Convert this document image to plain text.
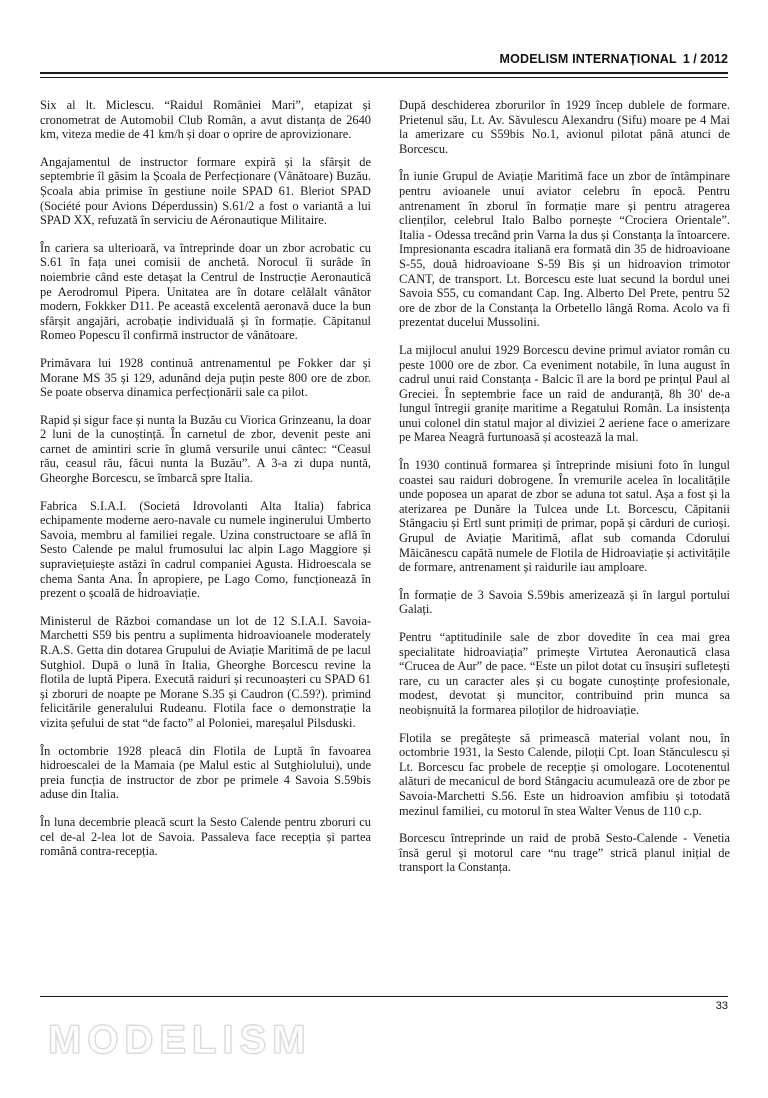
MODELISM INTERNAȚIONAL 1 / 2012

Six al lt. Miclescu. “Raidul României Mari”, etapizat și cronometrat de Automobil Club Român, a avut distanța de 2640 km, viteza medie de 41 km/h și doar o oprire de aprovizionare.

Angajamentul de instructor formare expiră și la sfârșit de septembrie îl găsim la Școala de Perfecționare (Vânătoare) Buzău. Școala abia primise în gestiune noile SPAD 61. Bleriot SPAD (Société pour Avions Déperdussin) S.61/2 a fost o variantă a lui SPAD XX, refuzată în serviciu de Aéronautique Militaire.

În cariera sa ulterioară, va întreprinde doar un zbor acrobatic cu S.61 în fața unei comisii de anchetă. Norocul îi surâde în noiembrie când este detașat la Centrul de Instrucție Aeronautică pe Aerodromul Pipera. Unitatea are în dotare celălalt vânător modern, Fokkker D11. Pe această excelentă aeronavă duce la bun sfârșit angajări, acrobație individuală și în formație. Căpitanul Romeo Popescu îl confirmă instructor de vânătoare.

Primăvara lui 1928 continuă antrenamentul pe Fokker dar și Morane MS 35 și 129, adunând deja puțin peste 800 ore de zbor. Se poate observa dinamica perfecționării sale ca pilot.

Rapid și sigur face și nunta la Buzău cu Viorica Grinzeanu, la doar 2 luni de la cunoștință. În carnetul de zbor, devenit peste ani carnet de amintiri scrie în glumă versurile unui cântec: “Ceasul rău, ceasul rău, făcui nunta la Buzău”. A 3-a zi dupa nuntă, Gheorghe Borcescu, se îmbarcă spre Italia.

Fabrica S.I.A.I. (Societá Idrovolanti Alta Italia) fabrica echipamente moderne aero-navale cu numele inginerului Umberto Savoia, membru al familiei regale. Uzina constructoare se află în Sesto Calende pe malul frumosului lac alpin Lago Maggiore și supraviețuiește astăzi în cadrul companiei Agusta. Hidroescala se chema Santa Ana. În apropiere, pe Lago Como, funcționează în prezent o școală de hidroaviație.

Ministerul de Război comandase un lot de 12 S.I.A.I. Savoia-Marchetti S59 bis pentru a suplimenta hidroavioanele moderately R.A.S. Getta din dotarea Grupului de Aviație Maritimă de pe lacul Sutghiol. După o lună în Italia, Gheorghe Borcescu revine la flotila de luptă Pipera. Execută raiduri și recunoașteri cu SPAD 61 și zboruri de noapte pe Morane S.35 și Caudron (C.59?). primind felicitările generalului Rudeanu. Flotila face o demonstrație la vizita șefului de stat “de facto” al Poloniei, mareșalul Pilsduski.

În octombrie 1928 pleacă din Flotila de Luptă în favoarea hidroescalei de la Mamaia (pe Malul estic al Sutghiolului), unde preia funcția de instructor de zbor pe primele 4 Savoia S.59bis aduse din Italia.

În luna decembrie pleacă scurt la Sesto Calende pentru zboruri cu cel de-al 2-lea lot de Savoia. Passaleva face recepția și partea română contra-recepția.

După deschiderea zborurilor în 1929 încep dublele de formare. Prietenul său, Lt. Av. Săvulescu Alexandru (Sifu) moare pe 4 Mai la amerizare cu S59bis No.1, avionul pilotat până atunci de Borcescu.

În iunie Grupul de Aviație Maritimă face un zbor de întâmpinare pentru avioanele unui aviator celebru în epocă. Pentru antrenament în zborul în formație mare și pentru atragerea clienților, celebrul Italo Balbo pornește “Crociera Orientale”. Italia - Odessa trecând prin Varna la dus și Constanța la întoarcere. Impresionanta escadra italiană era formată din 35 de hidroavioane S-55, două hidroavioane S-59 Bis și un hidroavion trimotor CANT, de transport. Lt. Borcescu este luat secund la bordul unei Savoia S55, cu comandant Cap. Ing. Alberto Del Prete, pentru 52 ore de zbor de la Constanța la Orbetello lângă Roma. Acolo va fi prezentat ducelui Mussolini.

La mijlocul anului 1929 Borcescu devine primul aviator român cu peste 1000 ore de zbor. Ca eveniment notabile, în luna august în cadrul unui raid Constanța - Balcic îl are la bord pe prințul Paul al Greciei. În septembrie face un raid de anduranță, 8h 30' de-a lungul întregii granițe maritime a Regatului Român. La insistența unui colonel din statul major al diviziei 2 aeriene face o amerizare pe Marea Neagră furtunoasă și acostează la mal.

În 1930 continuă formarea și întreprinde misiuni foto în lungul coastei sau raiduri dobrogene. În vremurile acelea în localitățile unde poposea un aparat de zbor se aduna tot satul. Așa a fost și la aterizarea pe Dunăre la Tulcea unde Lt. Borcescu, Căpitanii Stângaciu și Ertl sunt primiți de primar, popă și cărduri de curioși. Grupul de Aviație Maritimă, aflat sub comanda Cdorului Măicănescu capătă numele de Flotila de Hidroaviație și activitățile de formare, antrenament și raidurile iau amploare.

În formație de 3 Savoia S.59bis amerizează și în largul portului Galați.

Pentru “aptitudinile sale de zbor dovedite în cea mai grea specialitate hidroaviația” primește Virtutea Aeronautică clasa “Crucea de Aur” de pace. “Este un pilot dotat cu însușiri sufletești rare, cu un caracter ales și cu bogate cunoștințe profesionale, modest, devotat și muncitor, contribuind prin munca sa neobișnuită la formarea piloților de hidroaviație.

Flotila se pregătește să primească material volant nou, în octombrie 1931, la Sesto Calende, piloții Cpt. Ioan Stănculescu și Lt. Borcescu fac probele de recepție și omologare. Locotenentul alături de mecanicul de bord Stângaciu acumulează ore de zbor pe Savoia-Marchetti S.56. Este un hidroavion amfibiu și totodată mezinul familiei, cu motorul în stea Walter Venus de 110 c.p.

Borcescu întreprinde un raid de probă Sesto-Calende - Venetia însă gerul și motorul care “nu trage” strică planul inițial de transport la Constanța.

33
MODELISM
